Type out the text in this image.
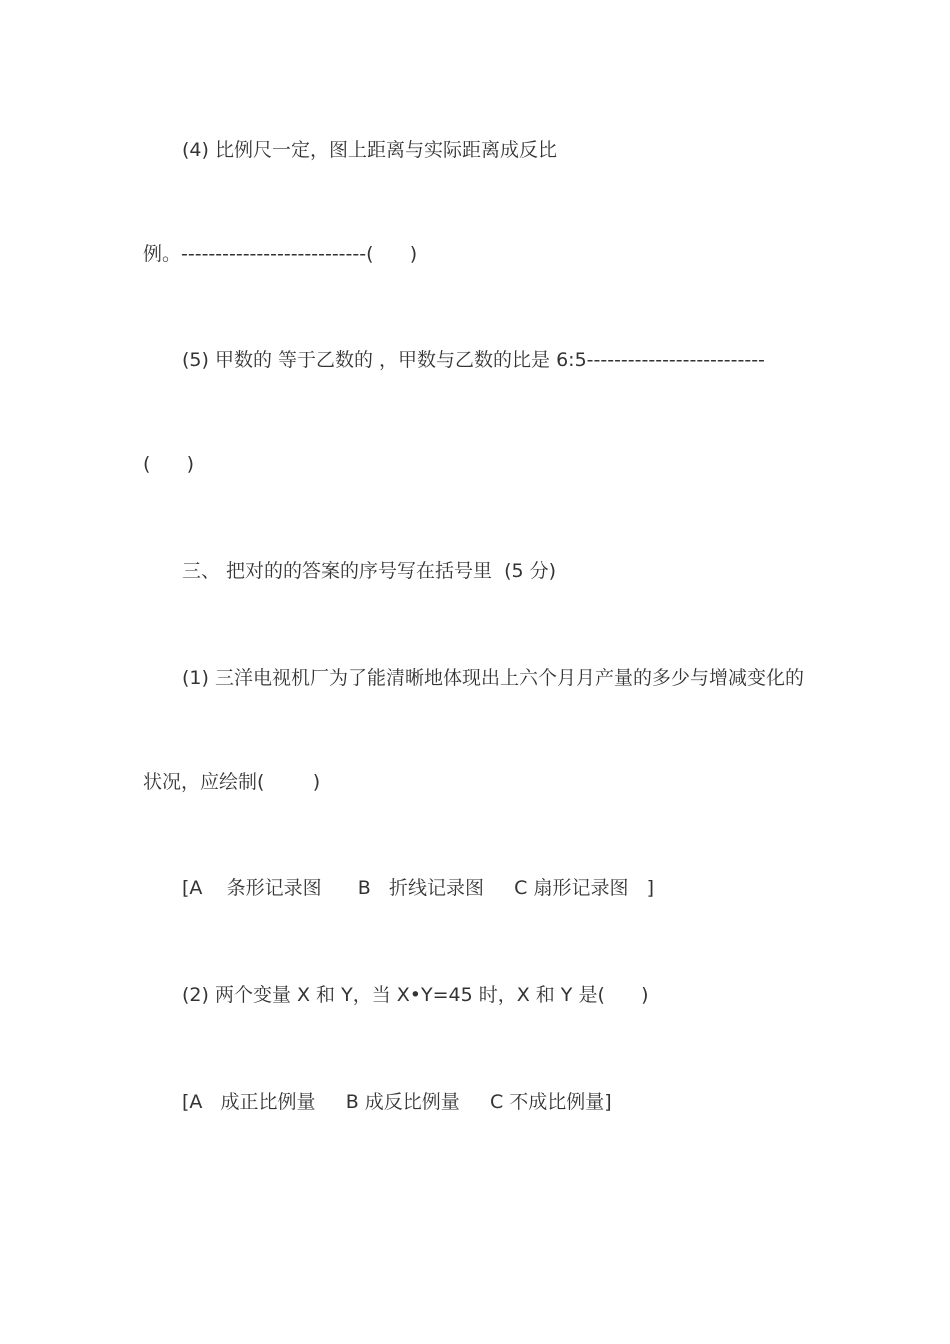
(4) 比例尺一定，图上距离与实际距离成反比
例。---------------------------(      )
(5) 甲数的 等于乙数的 ，甲数与乙数的比是 6:5--------------------------
(      )
三、 把对的的答案的序号写在括号里  (5 分)
(1) 三洋电视机厂为了能清晰地体现出上六个月月产量的多少与增减变化的
状况，应绘制(        )
[A    条形记录图      B   折线记录图     C 扇形记录图   ]
(2) 两个变量 X 和 Y，当 X•Y=45 时，X 和 Y 是(      )
[A   成正比例量     B 成反比例量     C 不成比例量]
